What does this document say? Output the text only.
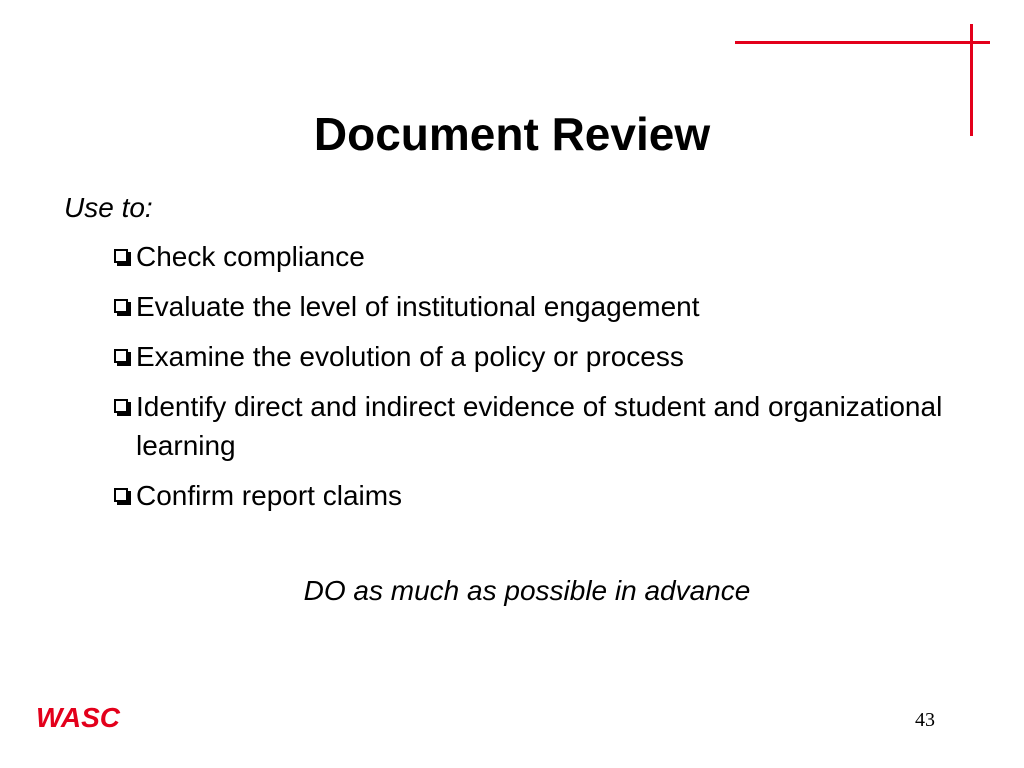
Document Review
Use to:
Check compliance
Evaluate the level of institutional engagement
Examine the evolution of a policy or process
Identify direct and indirect evidence of student and organizational learning
Confirm report claims
DO as much as possible in advance
WASC	43
